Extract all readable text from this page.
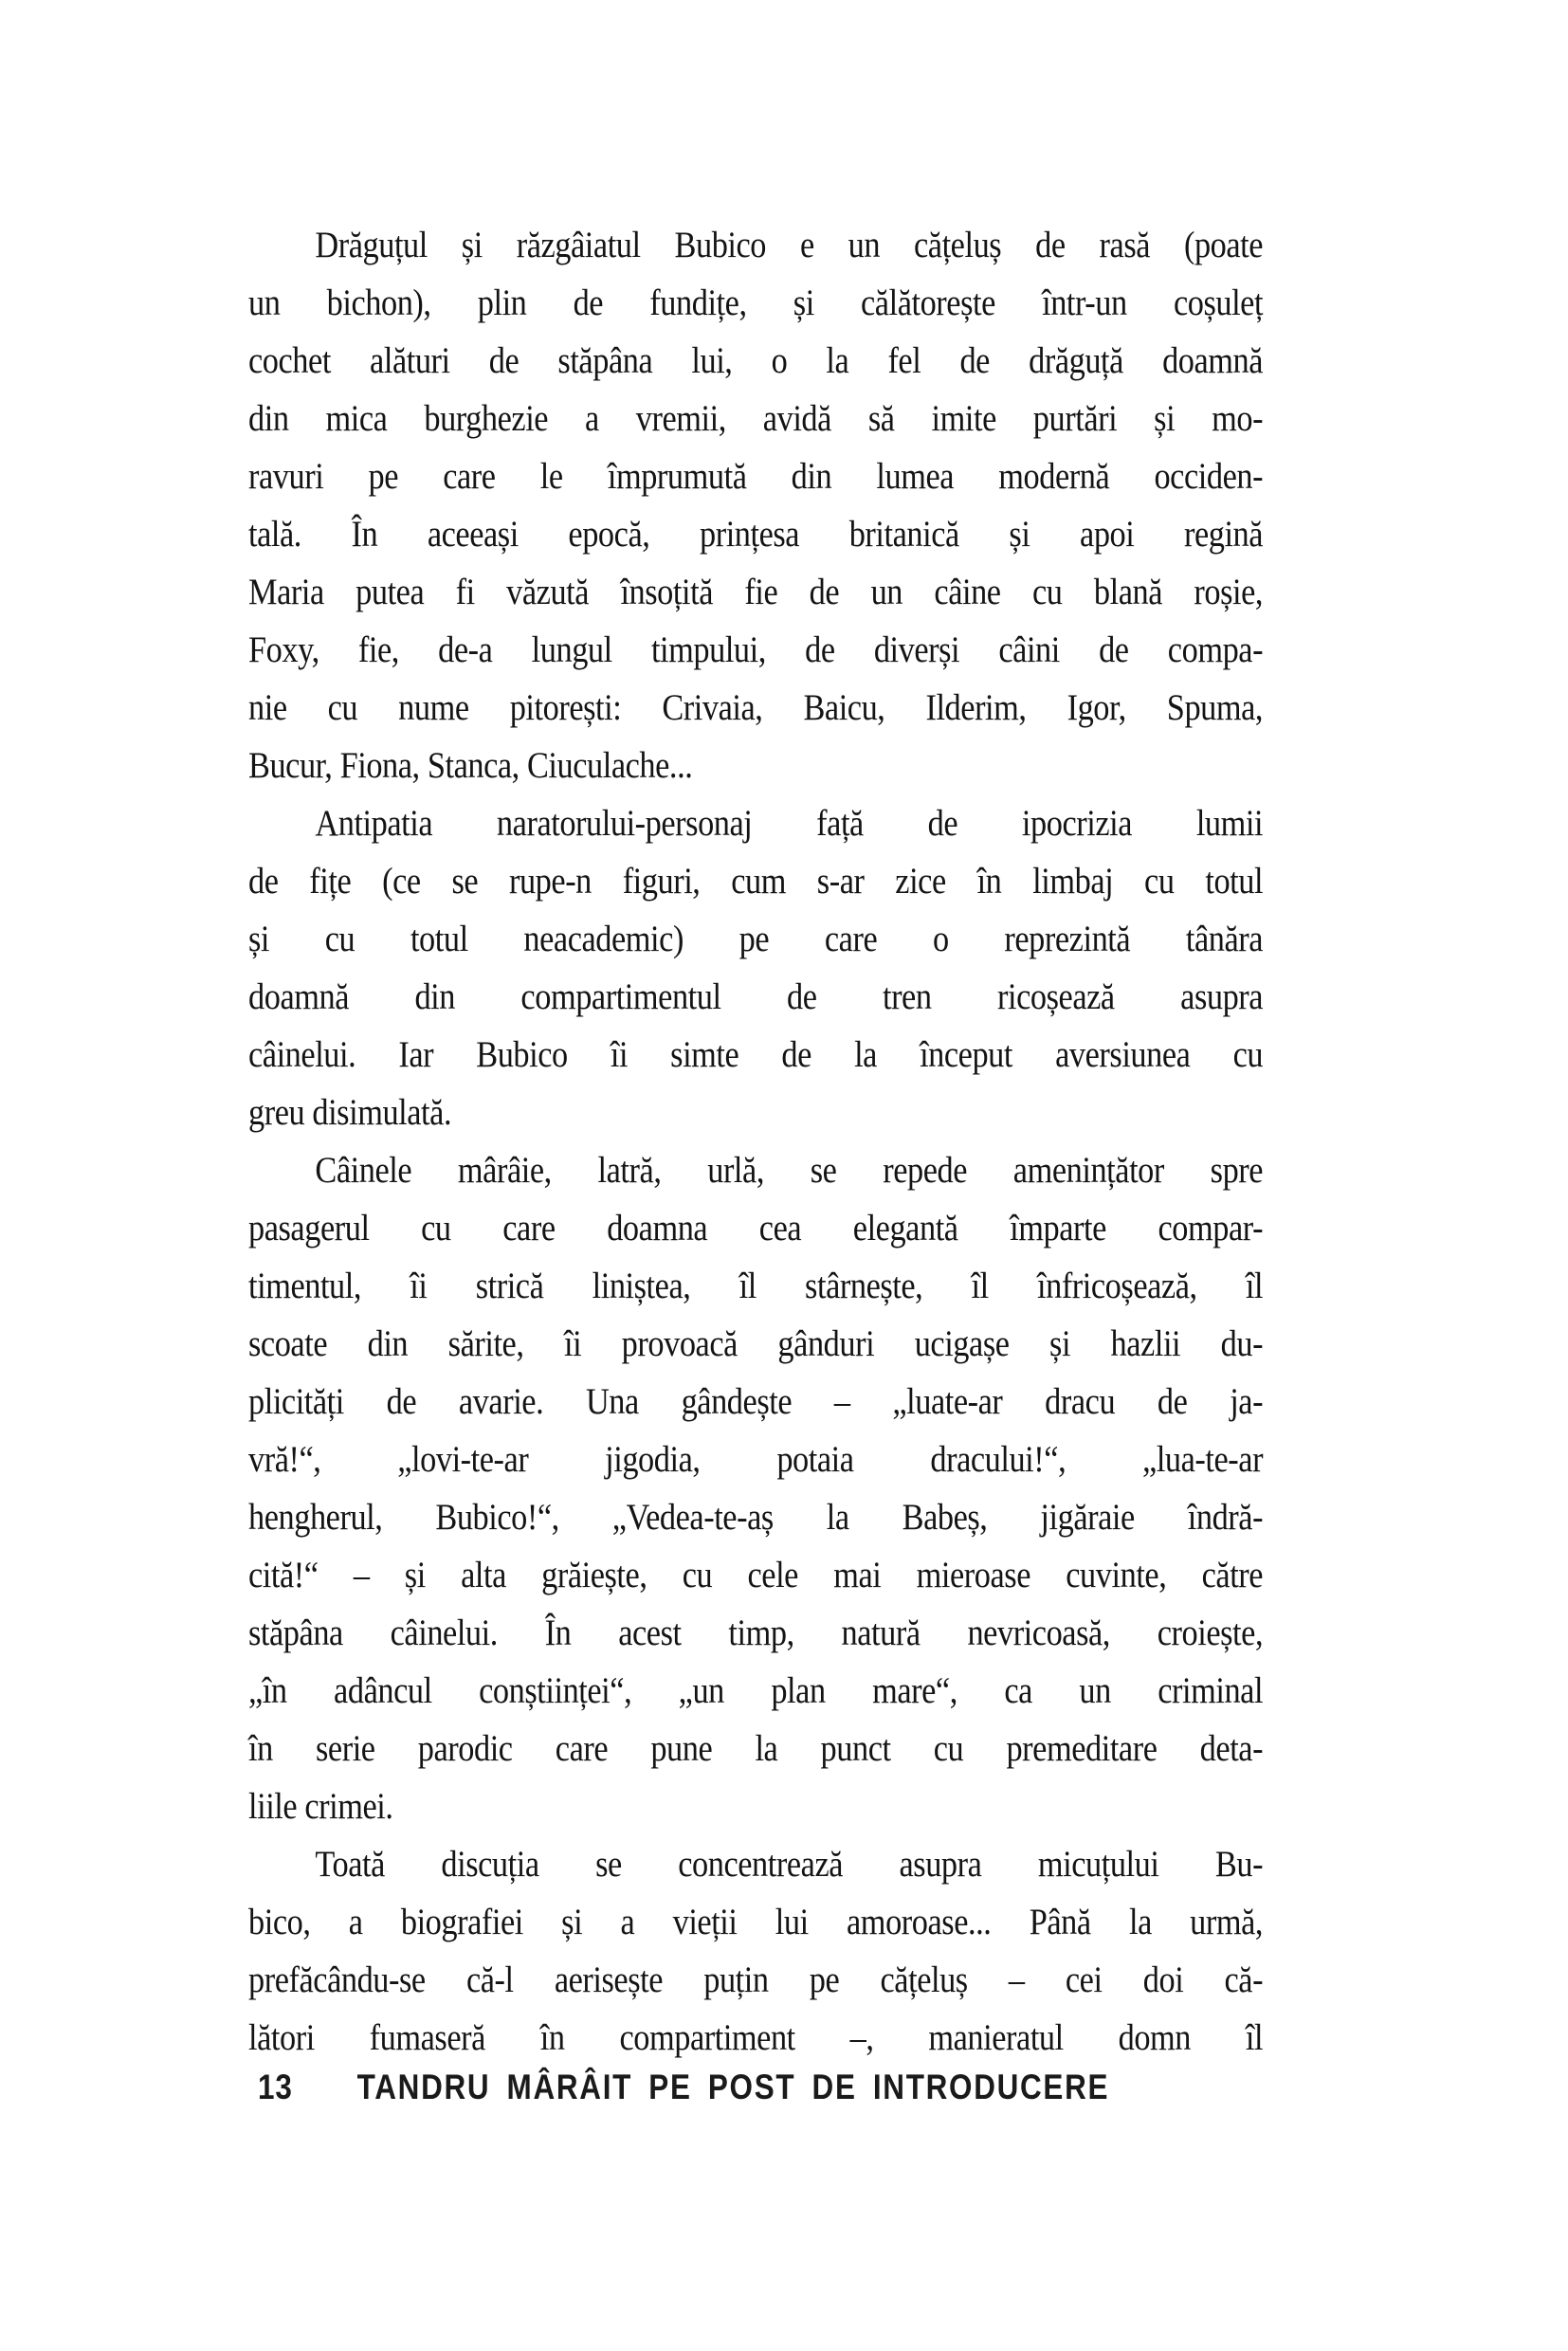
Drăguțul și răzgâiatul Bubico e un cățeluș de rasă (poate
un bichon), plin de fundițe, și călătorește într-un coșuleț
cochet alături de stăpâna lui, o la fel de drăguță doamnă
din mica burghezie a vremii, avidă să imite purtări și mo-
ravuri pe care le împrumută din lumea modernă occiden-
tală. În aceeași epocă, prințesa britanică și apoi regină
Maria putea fi văzută însoțită fie de un câine cu blană roșie,
Foxy, fie, de-a lungul timpului, de diverși câini de compa-
nie cu nume pitorești: Crivaia, Baicu, Ilderim, Igor, Spuma,
Bucur, Fiona, Stanca, Ciuculache...
Antipatia naratorului-personaj față de ipocrizia lumii
de fițe (ce se rupe-n figuri, cum s-ar zice în limbaj cu totul
și cu totul neacademic) pe care o reprezintă tânăra
doamnă din compartimentul de tren ricoșează asupra
câinelui. Iar Bubico îi simte de la început aversiunea cu
greu disimulată.
Câinele mârâie, latră, urlă, se repede amenințător spre
pasagerul cu care doamna cea elegantă împarte compar-
timentul, îi strică liniștea, îl stârnește, îl înfricoșează, îl
scoate din sărite, îi provoacă gânduri ucigașe și hazlii du-
plicități de avarie. Una gândește – „luate-ar dracu de ja-
vră!“, „lovi-te-ar jigodia, potaia dracului!“, „lua-te-ar
hengherul, Bubico!“, „Vedea-te-aș la Babeș, jigăraie îndră-
cită!“ – și alta grăiește, cu cele mai mieroase cuvinte, către
stăpâna câinelui. În acest timp, natură nevricoasă, croiește,
„în adâncul conștiinței“, „un plan mare“, ca un criminal
în serie parodic care pune la punct cu premeditare deta-
liile crimei.
Toată discuția se concentrează asupra micuțului Bu-
bico, a biografiei și a vieții lui amoroase... Până la urmă,
prefăcându-se că-l aerisește puțin pe cățeluș – cei doi că-
lători fumaseră în compartiment –, manieratul domn îl
13 TANDRU MÂRÂIT PE POST DE INTRODUCERE
